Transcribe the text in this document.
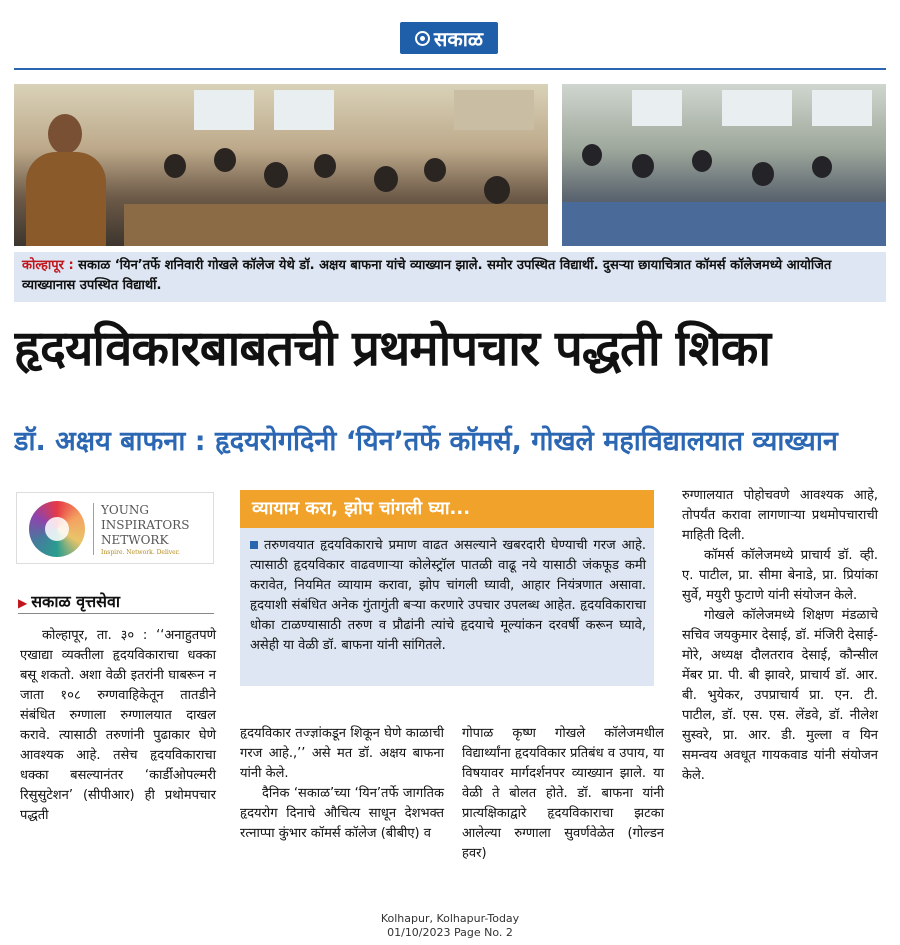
सकाळ
कोल्हापूर : सकाळ ‘यिन’तर्फे शनिवारी गोखले कॉलेज येथे डॉ. अक्षय बाफना यांचे व्याख्यान झाले. समोर उपस्थित विद्यार्थी. दुसऱ्या छायाचित्रात कॉमर्स कॉलेजमध्ये आयोजित व्याख्यानास उपस्थित विद्यार्थी.
हृदयविकारबाबतची प्रथमोपचार पद्धती शिका
डॉ. अक्षय बाफना : हृदयरोगदिनी ‘यिन’तर्फे कॉमर्स, गोखले महाविद्यालयात व्याख्यान
YOUNG
INSPIRATORS
NETWORK
Inspire. Network. Deliver.
▶ सकाळ वृत्तसेवा

कोल्हापूर, ता. ३० : ‘‘अनाहुतपणे एखाद्या व्यक्तीला हृदयविकाराचा धक्का बसू शकतो. अशा वेळी इतरांनी घाबरून न जाता १०८ रुग्णवाहिकेतून तातडीने संबंधित रुग्णाला रुग्णालयात दाखल करावे. त्यासाठी तरुणांनी पुढाकार घेणे आवश्यक आहे. तसेच हृदयविकाराचा धक्का बसल्यानंतर ‘कार्डीओपल्मरी रिसुसुटेशन’ (सीपीआर) ही प्रथोमपचार पद्धती

व्यायाम करा, झोप चांगली घ्या...
तरुणवयात हृदयविकाराचे प्रमाण वाढत असल्याने खबरदारी घेण्याची गरज आहे. त्यासाठी हृदयविकार वाढवणाऱ्या कोलेस्ट्रॉल पातळी वाढू नये यासाठी जंकफूड कमी करावेत, नियमित व्यायाम करावा, झोप चांगली घ्यावी, आहार नियंत्रणात असावा. हृदयाशी संबंधित अनेक गुंतागुंती बऱ्या करणारे उपचार उपलब्ध आहेत. हृदयविकाराचा धोका टाळण्यासाठी तरुण व प्रौढांनी त्यांचे हृदयाचे मूल्यांकन दरवर्षी करून घ्यावे, असेही या वेळी डॉ. बाफना यांनी सांगितले.
हृदयविकार तज्ज्ञांकडून शिकून घेणे काळाची गरज आहे.,’’ असे मत डॉ. अक्षय बाफना यांनी केले.

दैनिक ‘सकाळ’च्या ‘यिन’तर्फे जागतिक हृदयरोग दिनाचे औचित्य साधून देशभक्त रत्नाप्पा कुंभार कॉमर्स कॉलेज (बीबीए) व

गोपाळ कृष्ण गोखले कॉलेजमधील विद्यार्थ्यांना हृदयविकार प्रतिबंध व उपाय, या विषयावर मार्गदर्शनपर व्याख्यान झाले. या वेळी ते बोलत होते. डॉ. बाफना यांनी प्रात्यक्षिकाद्वारे हृदयविकाराचा झटका आलेल्या रुग्णाला सुवर्णवेळेत (गोल्डन हवर)
रुग्णालयात पोहोचवणे आवश्यक आहे, तोपर्यंत करावा लागणाऱ्या प्रथमोपचाराची माहिती दिली.

कॉमर्स कॉलेजमध्ये प्राचार्य डॉ. व्ही. ए. पाटील, प्रा. सीमा बेनाडे, प्रा. प्रियांका सुर्वे, मयुरी फुटाणे यांनी संयोजन केले.

गोखले कॉलेजमध्ये शिक्षण मंडळाचे सचिव जयकुमार देसाई, डॉ. मंजिरी देसाई-मोरे, अध्यक्ष दौलतराव देसाई, कौन्सील मेंबर प्रा. पी. बी झावरे, प्राचार्य डॉ. आर. बी. भुयेकर, उपप्राचार्य प्रा. एन. टी. पाटील, डॉ. एस. एस. लेंडवे, डॉ. नीलेश सुस्वरे, प्रा. आर. डी. मुल्ला व यिन समन्वय अवधूत गायकवाड यांनी संयोजन केले.

Kolhapur, Kolhapur-Today
01/10/2023 Page No. 2
